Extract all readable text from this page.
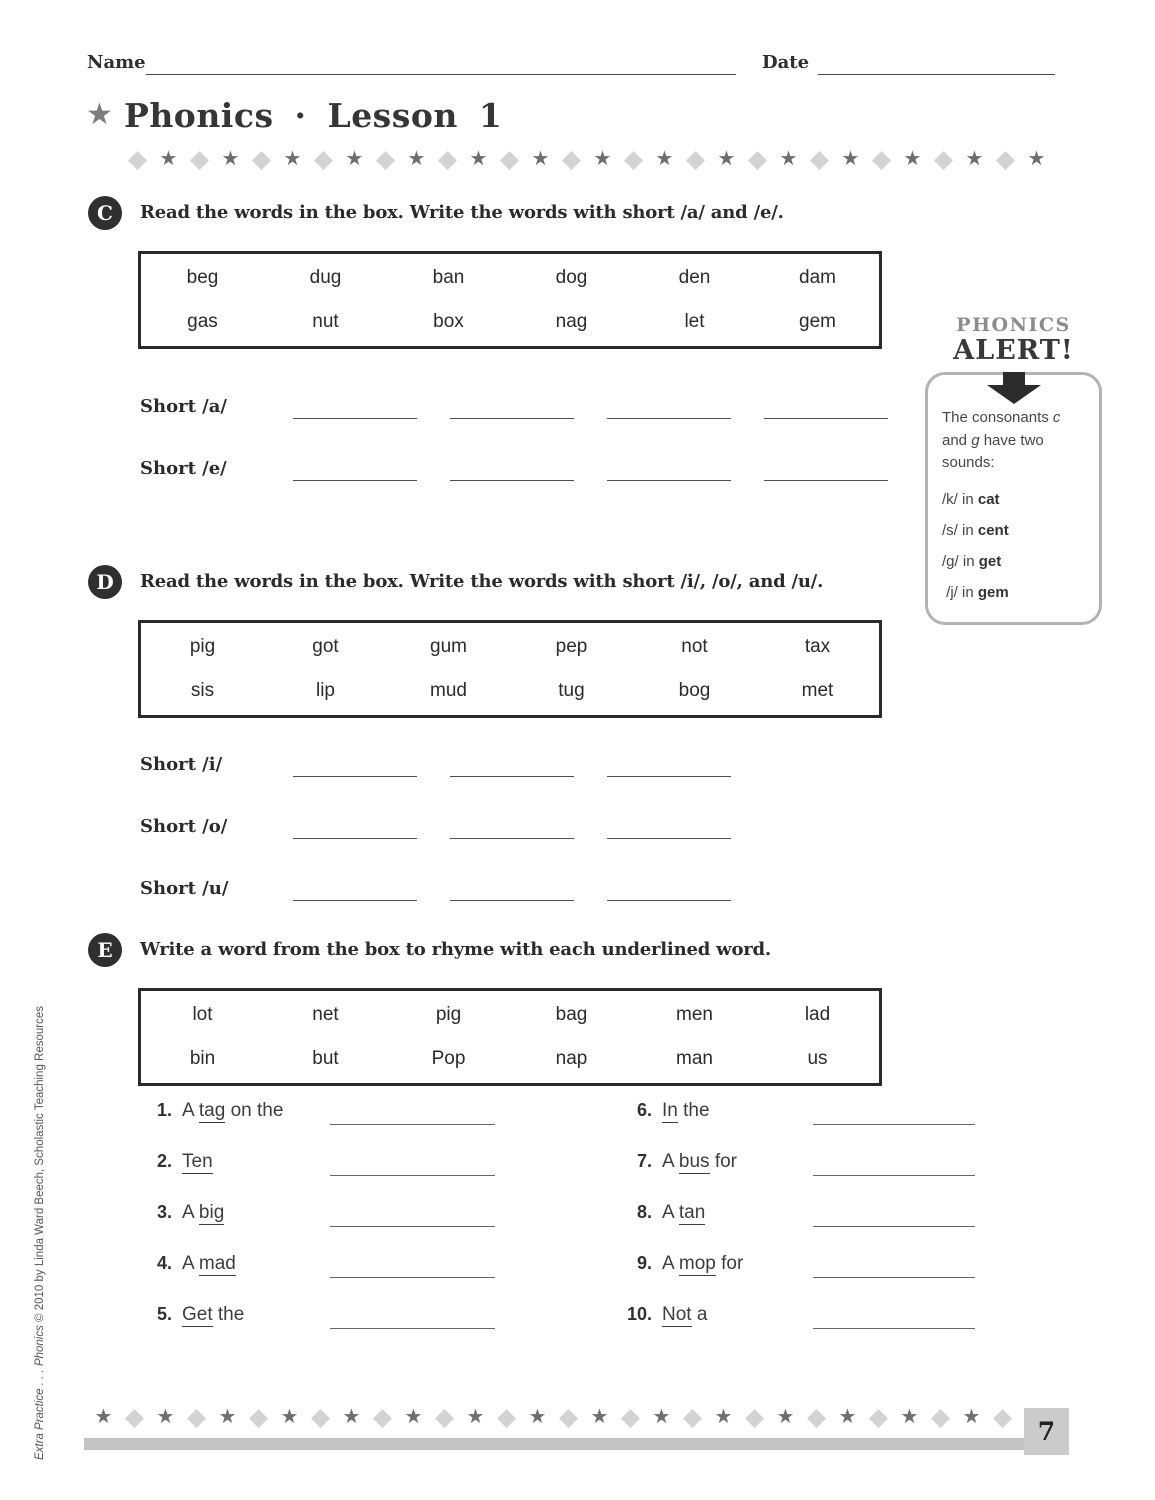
Name	Date
★ Phonics · Lesson 1
◆ ★ ◆ ★ ◆ ★ ◆ ★ ◆ ★ ◆ ★ ◆ ★ ◆ ★ ◆ ★ ◆ ★ ◆ ★ ◆ ★ ◆ ★ ◆ ★ ◆ ★
C Read the words in the box. Write the words with short /a/ and /e/.

beg	dug	ban	dog	den	dam
gas	nut	box	nag	let	gem
Short /a/
Short /e/
PHONICS
ALERT!

The consonants c and g have two sounds:

/k/ in cat
/s/ in cent
/g/ in get
/j/ in gem
D Read the words in the box. Write the words with short /i/, /o/, and /u/.

pig	got	gum	pep	not	tax
sis	lip	mud	tug	bog	met
Short /i/
Short /o/
Short /u/
E Write a word from the box to rhyme with each underlined word.

lot	net	pig	bag	men	lad
bin	but	Pop	nap	man	us
1. A tag on the
2. Ten
3. A big
4. A mad
5. Get the
6. In the
7. A bus for
8. A tan
9. A mop for
10. Not a
★ ◆ ★ ◆ ★ ◆ ★ ◆ ★ ◆ ★ ◆ ★ ◆ ★ ◆ ★ ◆ ★ ◆ ★ ◆ ★ ◆ ★ ◆ ★ ◆ ★ ◆	7
Extra Practice . . . Phonics © 2010 by Linda Ward Beech, Scholastic Teaching Resources
